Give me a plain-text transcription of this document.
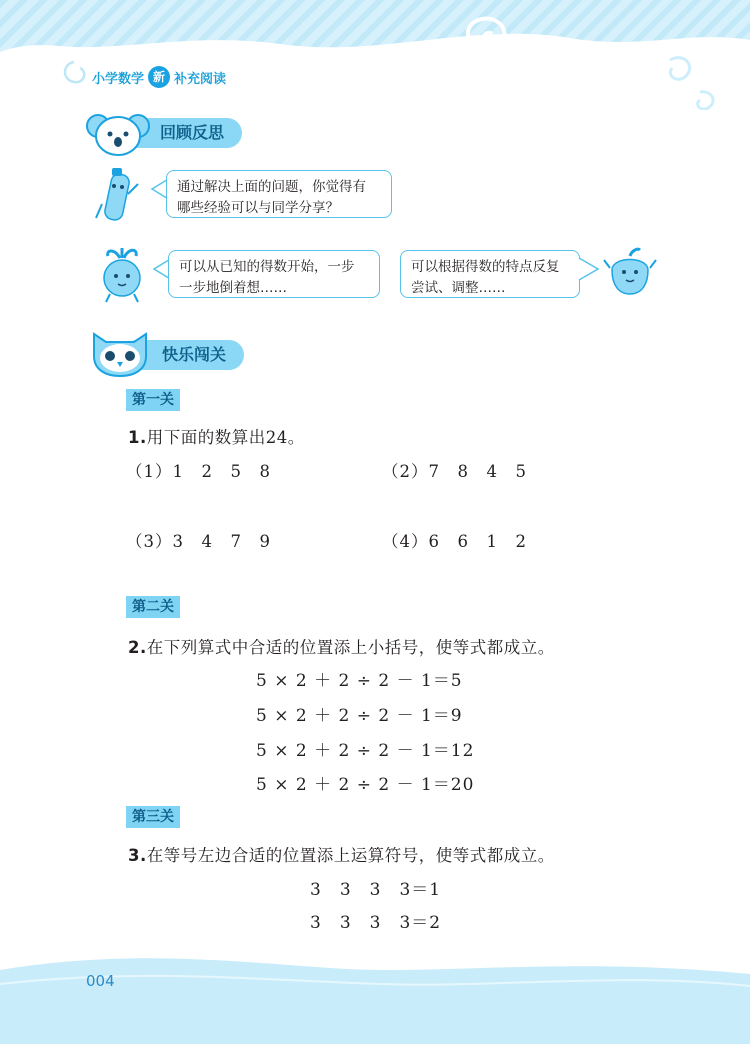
小学数学 新 补充阅读
回顾反思
通过解决上面的问题，你觉得有
哪些经验可以与同学分享？
可以从已知的得数开始，一步
一步地倒着想……
可以根据得数的特点反复
尝试、调整……
快乐闯关
第一关
1.用下面的数算出24。
（1）1　2　5　8	（2）7　8　4　5
（3）3　4　7　9	（4）6　6　1　2
第二关
2.在下列算式中合适的位置添上小括号，使等式都成立。
5 × 2 ＋ 2 ÷ 2 － 1＝5
5 × 2 ＋ 2 ÷ 2 － 1＝9
5 × 2 ＋ 2 ÷ 2 － 1＝12
5 × 2 ＋ 2 ÷ 2 － 1＝20
第三关
3.在等号左边合适的位置添上运算符号，使等式都成立。
3　3　3　3＝1
3　3　3　3＝2
004
